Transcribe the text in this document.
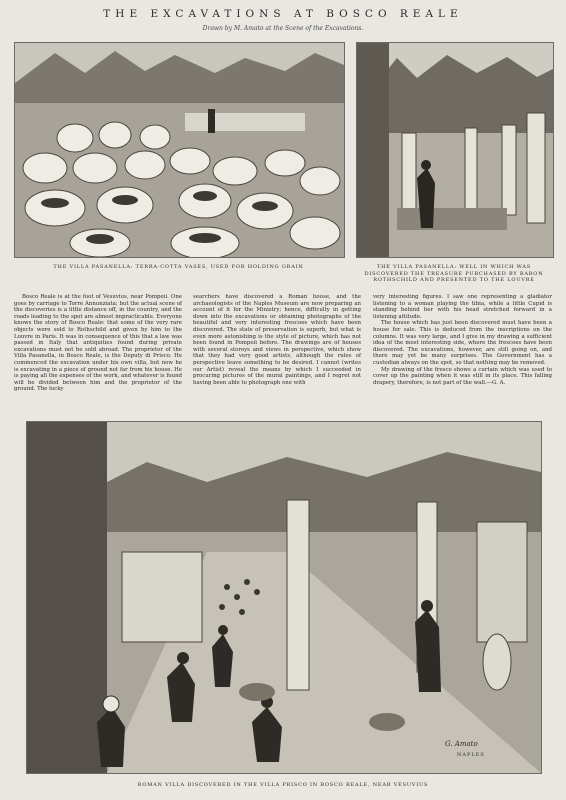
THE EXCAVATIONS AT BOSCO REALE
Drawn by M. Amato at the Scene of the Excavations.
THE VILLA PASANELLA: TERRA-COTTA VASES, USED FOR HOLDING GRAIN	THE VILLA PASANELLA: WELL IN WHICH WAS DISCOVERED THE TREASURE PURCHASED BY BARON ROTHSCHILD AND PRESENTED TO THE LOUVRE

Bosco Reale is at the foot of Vesuvius, near Pompeii. One goes by carriage to Torre Annunziata; but the actual scene of the discoveries is a little distance off, in the country, and the roads leading to the spot are almost impracticable. Everyone knows the story of Bosco Reale: that some of the very rare objects were sold to Rothschild and given by him to the Louvre in Paris. It was in consequence of this that a law was passed in Italy that antiquities found during private excavations must not be sold abroad. The proprietor of the Villa Pasanella, in Bosco Reale, is the Deputy di Prisco. He commenced the excavation under his own villa, but now he is excavating in a piece of ground not far from his house. He is paying all the expenses of the work, and whatever is found will be divided between him and the proprietor of the ground. The lucky

searchers have discovered a Roman house, and the archaeologists of the Naples Museum are now preparing an account of it for the Ministry; hence, difficulty in getting down into the excavations or obtaining photographs of the beautiful and very interesting frescoes which have been discovered. The state of preservation is superb, but what is even more astonishing is the style of picture, which has not been found in Pompeii before. The drawings are of houses with several storeys and views in perspective, which show that they had very good artists, although the rules of perspective leave something to be desired. I cannot (writes our Artist) reveal the means by which I succeeded in procuring pictures of the mural paintings, and I regret not having been able to photograph one with

very interesting figures. I saw one representing a gladiator listening to a woman playing the tibia, while a little Cupid is standing behind her with his head stretched forward in a listening attitude.

The house which has just been discovered must have been a house for sale. This is deduced from the inscriptions on the columns. It was very large, and I give in my drawing a sufficient idea of the most interesting side, where the frescoes have been discovered. The excavations, however, are still going on, and there may yet be many surprises. The Government has a custodian always on the spot, so that nothing may be removed.

My drawing of the fresco shows a curtain which was used to cover up the painting when it was still in its place. This falling drapery, therefore, is not part of the wall.—G. A.

G. Amato
NAPLES
ROMAN VILLA DISCOVERED IN THE VILLA PRISCO IN BOSCO REALE, NEAR VESUVIUS
